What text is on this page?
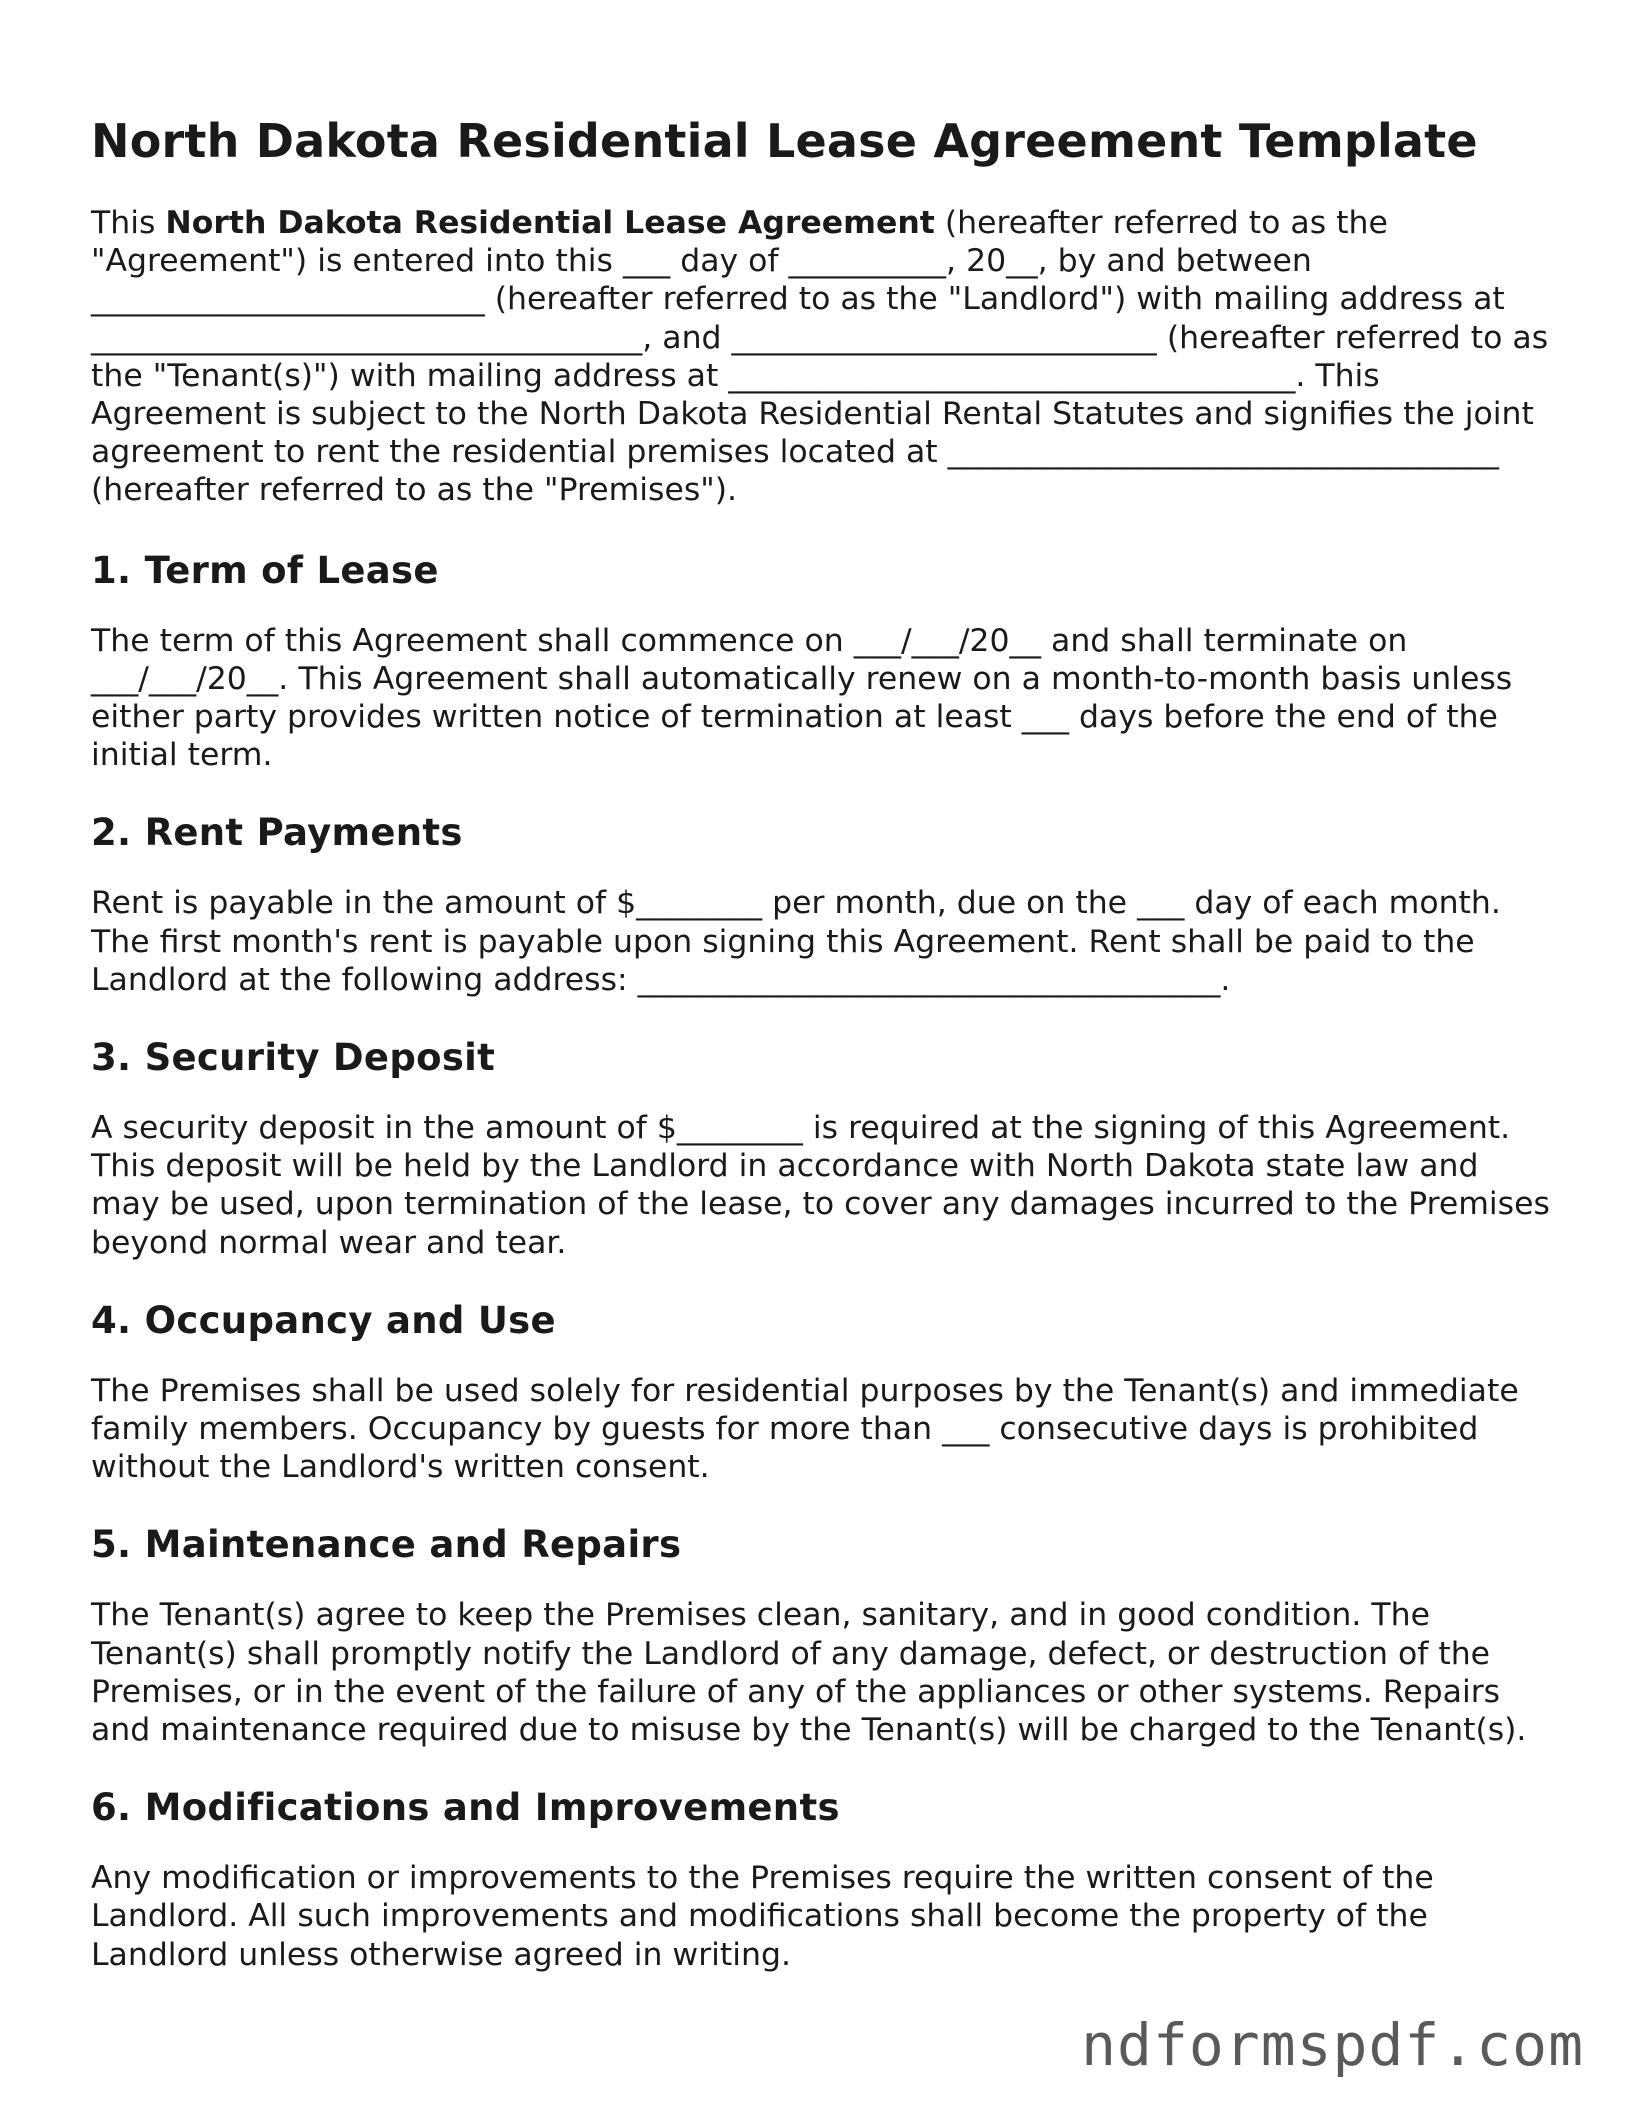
North Dakota Residential Lease Agreement Template

This North Dakota Residential Lease Agreement (hereafter referred to as the "Agreement") is entered into this ___ day of __________, 20__, by and between _________________________ (hereafter referred to as the "Landlord") with mailing address at ___________________________________, and ___________________________ (hereafter referred to as the "Tenant(s)") with mailing address at ____________________________________. This Agreement is subject to the North Dakota Residential Rental Statutes and signifies the joint agreement to rent the residential premises located at ___________________________________ (hereafter referred to as the "Premises").

1. Term of Lease

The term of this Agreement shall commence on ___/___/20__ and shall terminate on ___/___/20__. This Agreement shall automatically renew on a month-to-month basis unless either party provides written notice of termination at least ___ days before the end of the initial term.

2. Rent Payments

Rent is payable in the amount of $________ per month, due on the ___ day of each month. The first month's rent is payable upon signing this Agreement. Rent shall be paid to the Landlord at the following address: _____________________________________.

3. Security Deposit

A security deposit in the amount of $________ is required at the signing of this Agreement. This deposit will be held by the Landlord in accordance with North Dakota state law and may be used, upon termination of the lease, to cover any damages incurred to the Premises beyond normal wear and tear.

4. Occupancy and Use

The Premises shall be used solely for residential purposes by the Tenant(s) and immediate family members. Occupancy by guests for more than ___ consecutive days is prohibited without the Landlord's written consent.

5. Maintenance and Repairs

The Tenant(s) agree to keep the Premises clean, sanitary, and in good condition. The Tenant(s) shall promptly notify the Landlord of any damage, defect, or destruction of the Premises, or in the event of the failure of any of the appliances or other systems. Repairs and maintenance required due to misuse by the Tenant(s) will be charged to the Tenant(s).

6. Modifications and Improvements

Any modification or improvements to the Premises require the written consent of the Landlord. All such improvements and modifications shall become the property of the Landlord unless otherwise agreed in writing.

ndformspdf.com
